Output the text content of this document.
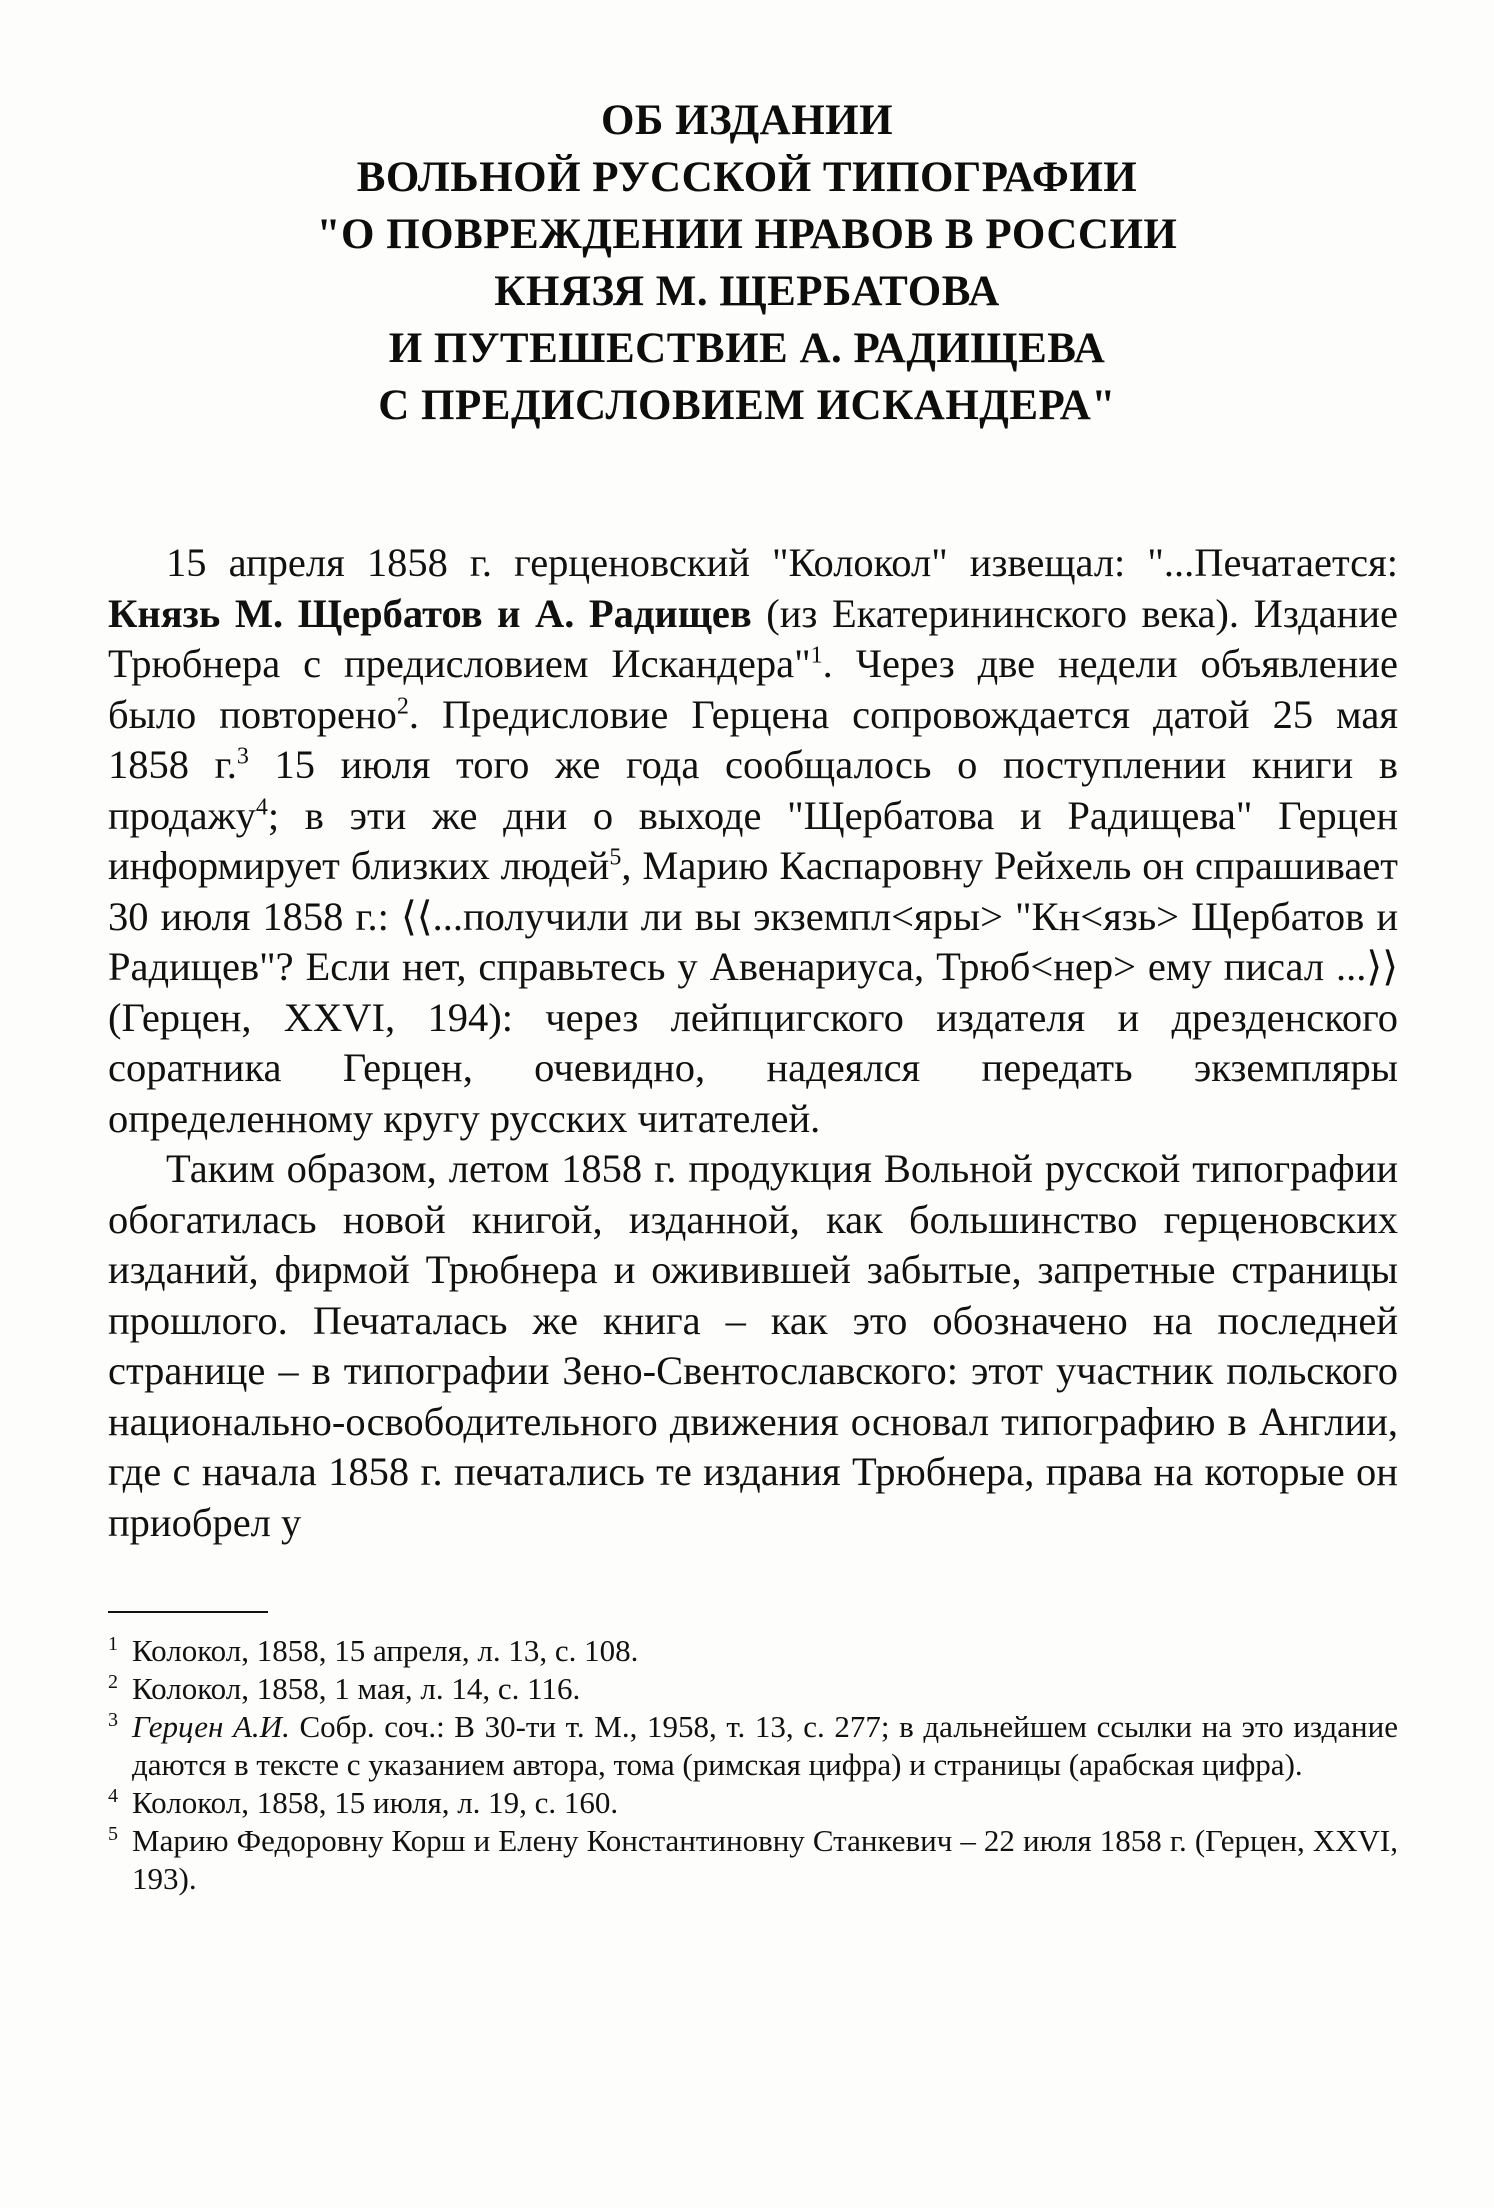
ОБ ИЗДАНИИ
ВОЛЬНОЙ РУССКОЙ ТИПОГРАФИИ
"О ПОВРЕЖДЕНИИ НРАВОВ В РОССИИ
КНЯЗЯ М. ЩЕРБАТОВА
И ПУТЕШЕСТВИЕ А. РАДИЩЕВА
С ПРЕДИСЛОВИЕМ ИСКАНДЕРА"

15 апреля 1858 г. герценовский "Колокол" извещал: "...Печатается: Князь М. Щербатов и А. Радищев (из Екатерининского века). Издание Трюбнера с предисловием Искандера"$^1$. Через две недели объявление было повторено$^2$. Предисловие Герцена сопровождается датой 25 мая 1858 г.$^3$ 15 июля того же года сообщалось о поступлении книги в продажу$^4$; в эти же дни о выходе "Щербатова и Радищева" Герцен информирует близких людей$^5$, Марию Каспаровну Рейхель он спрашивает 30 июля 1858 г.: ⟨⟨...получили ли вы экземпл<яры> "Кн<язь> Щербатов и Радищев"? Если нет, справьтесь у Авенариуса, Трюб<нер> ему писал ...⟩⟩ (Герцен, XXVI, 194): через лейпцигского издателя и дрезденского соратника Герцен, очевидно, надеялся передать экземпляры определенному кругу русских читателей.

Таким образом, летом 1858 г. продукция Вольной русской типографии обогатилась новой книгой, изданной, как большинство герценовских изданий, фирмой Трюбнера и оживившей забытые, запретные страницы прошлого. Печаталась же книга – как это обозначено на последней странице – в типографии Зено-Свентославского: этот участник польского национально-освободительного движения основал типографию в Англии, где с начала 1858 г. печатались те издания Трюбнера, права на которые он приобрел у

1 Колокол, 1858, 15 апреля, л. 13, с. 108.

2 Колокол, 1858, 1 мая, л. 14, с. 116.

3 Герцен А.И. Собр. соч.: В 30-ти т. М., 1958, т. 13, с. 277; в дальнейшем ссылки на это издание даются в тексте с указанием автора, тома (римская цифра) и страницы (арабская цифра).

4 Колокол, 1858, 15 июля, л. 19, с. 160.

5 Марию Федоровну Корш и Елену Константиновну Станкевич – 22 июля 1858 г. (Герцен, XXVI, 193).
